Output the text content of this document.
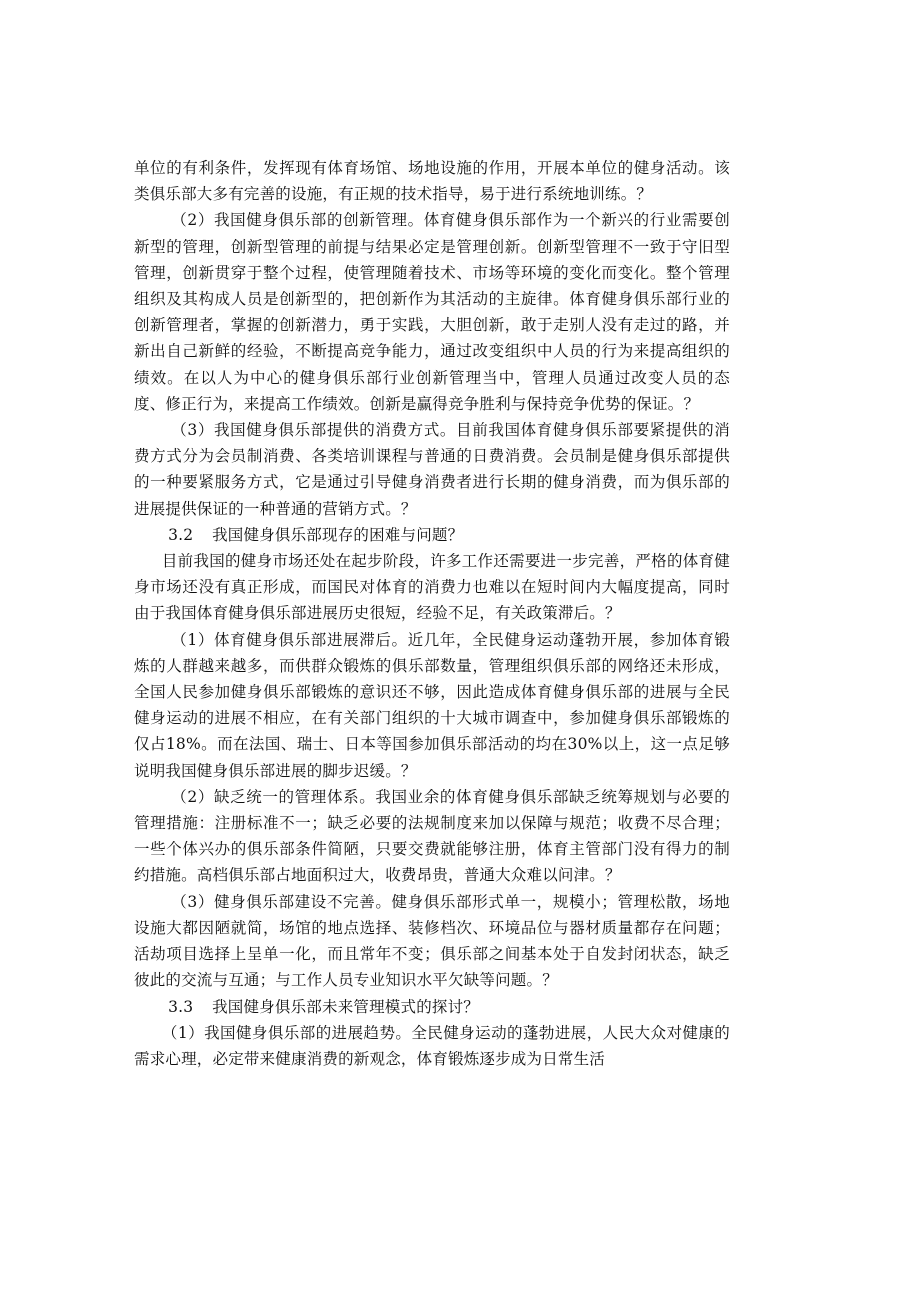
单位的有利条件，发挥现有体育场馆、场地设施的作用，开展本单位的健身活动。该类俱乐部大多有完善的设施，有正规的技术指导，易于进行系统地训练。？

（2）我国健身俱乐部的创新管理。体育健身俱乐部作为一个新兴的行业需要创新型的管理，创新型管理的前提与结果必定是管理创新。创新型管理不一致于守旧型管理，创新贯穿于整个过程，使管理随着技术、市场等环境的变化而变化。整个管理组织及其构成人员是创新型的，把创新作为其活动的主旋律。体育健身俱乐部行业的创新管理者，掌握的创新潜力，勇于实践，大胆创新，敢于走别人没有走过的路，并新出自己新鲜的经验，不断提高竞争能力，通过改变组织中人员的行为来提高组织的绩效。在以人为中心的健身俱乐部行业创新管理当中，管理人员通过改变人员的态度、修正行为，来提高工作绩效。创新是赢得竞争胜利与保持竞争优势的保证。？

（3）我国健身俱乐部提供的消费方式。目前我国体育健身俱乐部要紧提供的消费方式分为会员制消费、各类培训课程与普通的日费消费。会员制是健身俱乐部提供的一种要紧服务方式，它是通过引导健身消费者进行长期的健身消费，而为俱乐部的进展提供保证的一种普通的营销方式。？

3.2 我国健身俱乐部现存的困难与问题？

目前我国的健身市场还处在起步阶段，许多工作还需要进一步完善，严格的体育健身市场还没有真正形成，而国民对体育的消费力也难以在短时间内大幅度提高，同时由于我国体育健身俱乐部进展历史很短，经验不足，有关政策滞后。？

（1）体育健身俱乐部进展滞后。近几年，全民健身运动蓬勃开展，参加体育锻炼的人群越来越多，而供群众锻炼的俱乐部数量，管理组织俱乐部的网络还未形成，全国人民参加健身俱乐部锻炼的意识还不够，因此造成体育健身俱乐部的进展与全民健身运动的进展不相应，在有关部门组织的十大城市调查中，参加健身俱乐部锻炼的仅占18%。而在法国、瑞士、日本等国参加俱乐部活动的均在30%以上，这一点足够说明我国健身俱乐部进展的脚步迟缓。？

（2）缺乏统一的管理体系。我国业余的体育健身俱乐部缺乏统筹规划与必要的管理措施：注册标准不一；缺乏必要的法规制度来加以保障与规范；收费不尽合理；一些个体兴办的俱乐部条件简陋，只要交费就能够注册，体育主管部门没有得力的制约措施。高档俱乐部占地面积过大，收费昂贵，普通大众难以问津。？

（3）健身俱乐部建设不完善。健身俱乐部形式单一，规模小；管理松散，场地设施大都因陋就简，场馆的地点选择、装修档次、环境品位与器材质量都存在问题；活劫项目选择上呈单一化，而且常年不变；俱乐部之间基本处于自发封闭状态，缺乏彼此的交流与互通；与工作人员专业知识水平欠缺等问题。？

3.3 我国健身俱乐部未来管理模式的探讨？

（1）我国健身俱乐部的进展趋势。全民健身运动的蓬勃进展，人民大众对健康的需求心理，必定带来健康消费的新观念，体育锻炼逐步成为日常生活
